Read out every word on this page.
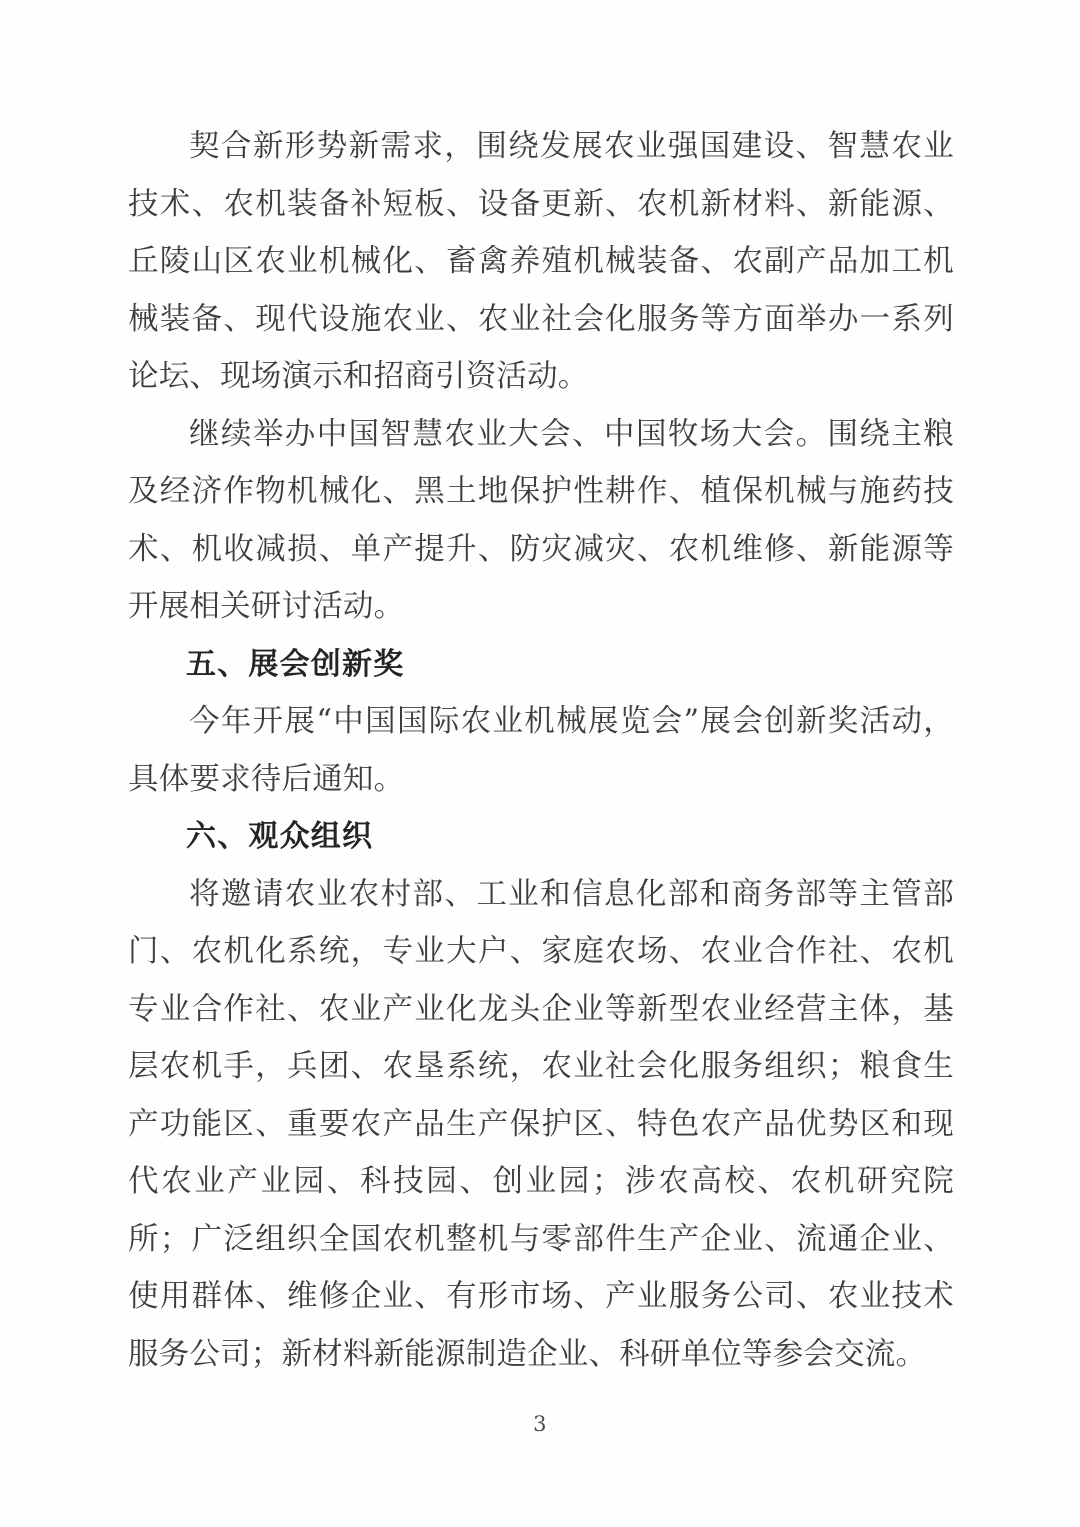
契合新形势新需求，围绕发展农业强国建设、智慧农业技术、农机装备补短板、设备更新、农机新材料、新能源、丘陵山区农业机械化、畜禽养殖机械装备、农副产品加工机械装备、现代设施农业、农业社会化服务等方面举办一系列论坛、现场演示和招商引资活动。

继续举办中国智慧农业大会、中国牧场大会。围绕主粮及经济作物机械化、黑土地保护性耕作、植保机械与施药技术、机收减损、单产提升、防灾减灾、农机维修、新能源等开展相关研讨活动。

五、展会创新奖

今年开展“中国国际农业机械展览会”展会创新奖活动，具体要求待后通知。

六、观众组织

将邀请农业农村部、工业和信息化部和商务部等主管部门、农机化系统，专业大户、家庭农场、农业合作社、农机专业合作社、农业产业化龙头企业等新型农业经营主体，基层农机手，兵团、农垦系统，农业社会化服务组织；粮食生产功能区、重要农产品生产保护区、特色农产品优势区和现代农业产业园、科技园、创业园；涉农高校、农机研究院所；广泛组织全国农机整机与零部件生产企业、流通企业、使用群体、维修企业、有形市场、产业服务公司、农业技术服务公司；新材料新能源制造企业、科研单位等参会交流。

3
